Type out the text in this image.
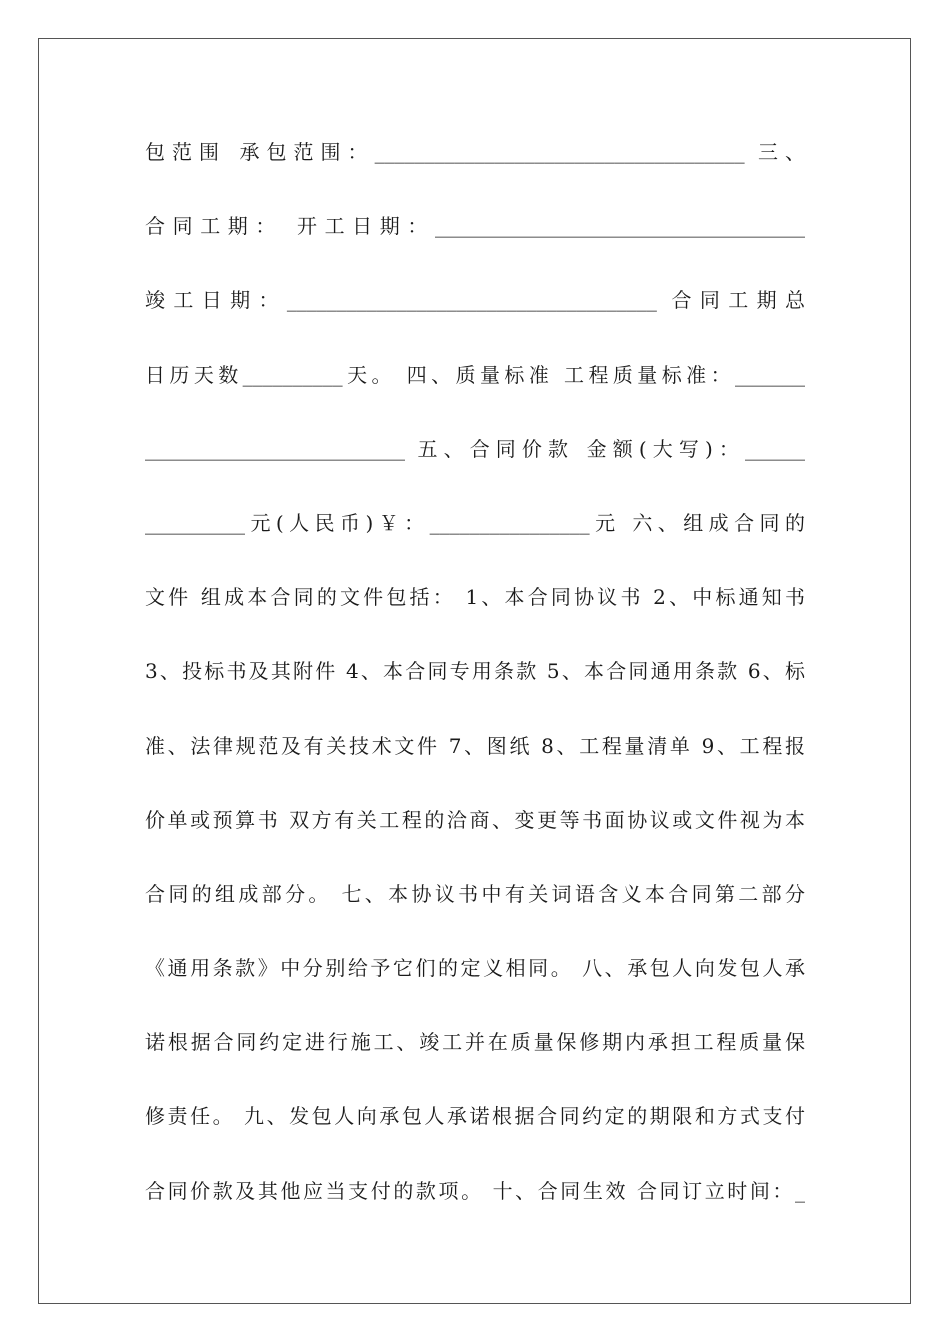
包范围 承包范围：_____________________________________ 三、
合同工期： 开工日期：_____________________________________
竣工日期：_____________________________________ 合同工期总
日历天数__________天。 四、质量标准 工程质量标准：_______
__________________________ 五、合同价款 金额(大写)：______
__________元(人民币)￥：________________元 六、组成合同的
文件 组成本合同的文件包括： 1、本合同协议书 2、中标通知书
3、投标书及其附件 4、本合同专用条款 5、本合同通用条款 6、标
准、法律规范及有关技术文件 7、图纸 8、工程量清单 9、工程报
价单或预算书 双方有关工程的洽商、变更等书面协议或文件视为本
合同的组成部分。 七、本协议书中有关词语含义本合同第二部分
《通用条款》中分别给予它们的定义相同。 八、承包人向发包人承
诺根据合同约定进行施工、竣工并在质量保修期内承担工程质量保
修责任。 九、发包人向承包人承诺根据合同约定的期限和方式支付
合同价款及其他应当支付的款项。 十、合同生效 合同订立时间：_
